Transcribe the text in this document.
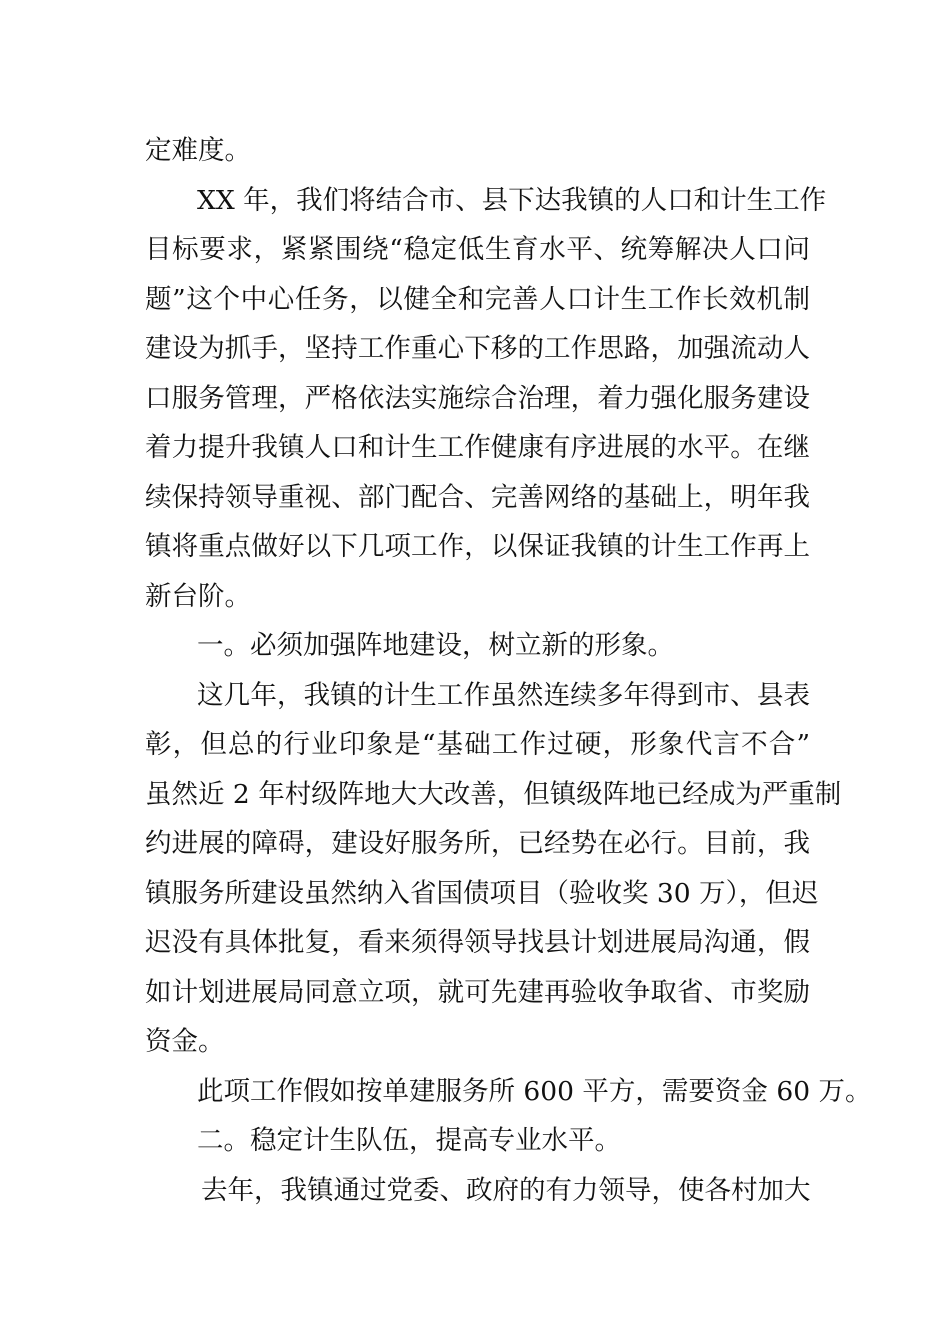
定难度。
XX 年，我们将结合市、县下达我镇的人口和计生工作
目标要求，紧紧围绕“稳定低生育水平、统筹解决人口问
题”这个中心任务，以健全和完善人口计生工作长效机制
建设为抓手，坚持工作重心下移的工作思路，加强流动人
口服务管理，严格依法实施综合治理，着力强化服务建设
着力提升我镇人口和计生工作健康有序进展的水平。在继
续保持领导重视、部门配合、完善网络的基础上，明年我
镇将重点做好以下几项工作，以保证我镇的计生工作再上
新台阶。
一。必须加强阵地建设，树立新的形象。
这几年，我镇的计生工作虽然连续多年得到市、县表
彰，但总的行业印象是“基础工作过硬，形象代言不合”
虽然近 2 年村级阵地大大改善，但镇级阵地已经成为严重制
约进展的障碍，建设好服务所，已经势在必行。目前，我
镇服务所建设虽然纳入省国债项目（验收奖 30 万），但迟
迟没有具体批复，看来须得领导找县计划进展局沟通，假
如计划进展局同意立项，就可先建再验收争取省、市奖励
资金。
此项工作假如按单建服务所 600 平方，需要资金 60 万。
二。稳定计生队伍，提高专业水平。
去年，我镇通过党委、政府的有力领导，使各村加大
